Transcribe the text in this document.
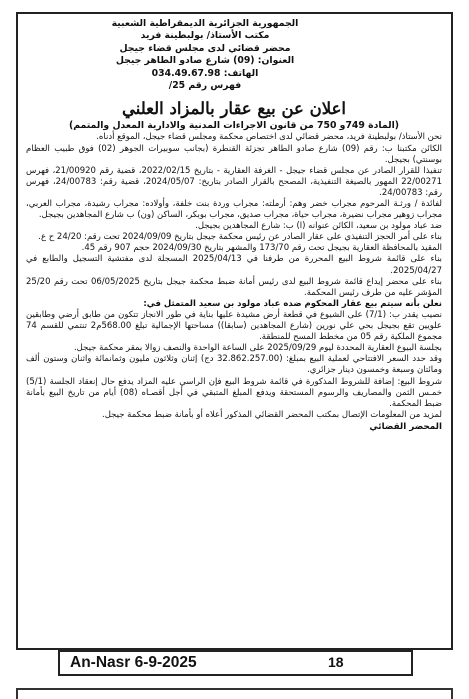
الجمهورية الجزائرية الديمقراطية الشعبية
مكتب الأستاذ/ بولبطينة فريد
محضر قضائي لدى مجلس قضاء جيجل
العنوان: (09) شارع صادو الطاهر جيجل
الهاتف: 034.49.67.98
فهرس رقم /25
اعلان عن بيع عقار بالمزاد العلني
(المادة 749و 750 من قانون الاجراءات المدنية والادارية المعدل والمتمم)

نحن الأستاذ/ بولبطينة فريد، محضر قضائي لدى اختصاص محكمة ومجلس قضاء جيجل، الموقع أدناه.

الكائن مكتبنا ب: رقم (09) شارع صادو الطاهر تجزئة القنطرة (بجانب سوبيرات الجوهر (02) فوق طبيب العظام بوسنتي) بجيجل.

تنفيذا للقرار الصادر عن مجلس قضاء جيجل - الغرفة العقارية - بتاريخ 2022/02/15، قضية رقم 21/00920، فهرس 22/00271 المهور بالصيغة التنفيذية، المصحح بالقرار الصادر بتاريخ: 2024/05/07، قضية رقم: 24/00783، فهرس رقم: 24/00783.

لفائدة / ورثـة المرحوم مجراب خضر وهم: أرملته: مجراب وردة بنت خلفة، وأولاده: مجراب رشيدة، مجراب العربي، مجراب زوهير مجراب نضيرة، مجراب حياة، مجراب صديق، مجراب بوبكر، الساكن (ون) ب شارع المجاهدين بجيجل.

ضد عباد مولود بن سعيد، الكائن عنوانه (ا) ب: شارع المجاهدين بجيجل.

بناء على أمر الحجز التنفيذي على عقار الصادر عن رئيس محكمة جيجل بتاريخ 2024/09/09 تحت رقم: 24/20 ح ع.

المقيد بالمحافظة العقارية بجيجل تحت رقم 173/70 والمشهر بتاريخ 2024/09/30 حجم 907 رقم 45.

بناء على قائمة شروط البيع المحررة من طرفنا في 2025/04/13 المسجلة لدى مفتشية التسجيل والطابع في 2025/04/27.

بناء على محضر إيداع قائمة شروط البيع لدى رئيس أمانة ضبط محكمة جيجل بتاريخ 06/05/2025 تحت رقم 25/20 المؤشر عليه من طرف رئيس المحكمة.

نعلن بأنه سيتم بيع عقار المحكوم ضده عباد مولود بن سعيد المتمثل في:

نصيب يقدر ب: (7/1) على الشيوع في قطعة أرض مشيدة عليها بناية في طور الانجاز تتكون من طابق أرضي وطابقين علويين تقع بجيجل بحي علي نورين (شارع المجاهدين (سابقا)) مساحتها الإجمالية تبلغ 568.00م2 تنتمي للقسم 74 مجموع الملكية رقم 05 من مخطط المسح للمنطقة.

بجلسة البيوع العقارية المحددة ليوم 2025/09/29 على الساعة الواحدة والنصف زوالا بمقر محكمة جيجل.

وقد حدد السعر الافتتاحي لعملية البيع بمبلغ: (32.862.257.00 دج) إثنان وثلاثون مليون وثمانمائة واثنان وستون ألف ومائتان وسبعة وخمسون دينار جزائري.

شروط البيع: إضافة للشروط المذكورة في قائمة شروط البيع فإن الراسي عليه المزاد يدفع حال إنعقاد الجلسة (5/1) خمـس الثمن والمصاريف والرسوم المستحقة ويدفع المبلغ المتبقي في أجل أقصـاه (08) أيام من تاريخ البيع بأمانة ضبط المحكمة.

لمزيد من المعلومات الإتصال بمكتب المحضر القضائي المذكور أعلاه أو بأمانة ضبط محكمة جيجل.

المحضر القضائي
An-Nasr 6-9-2025	18
